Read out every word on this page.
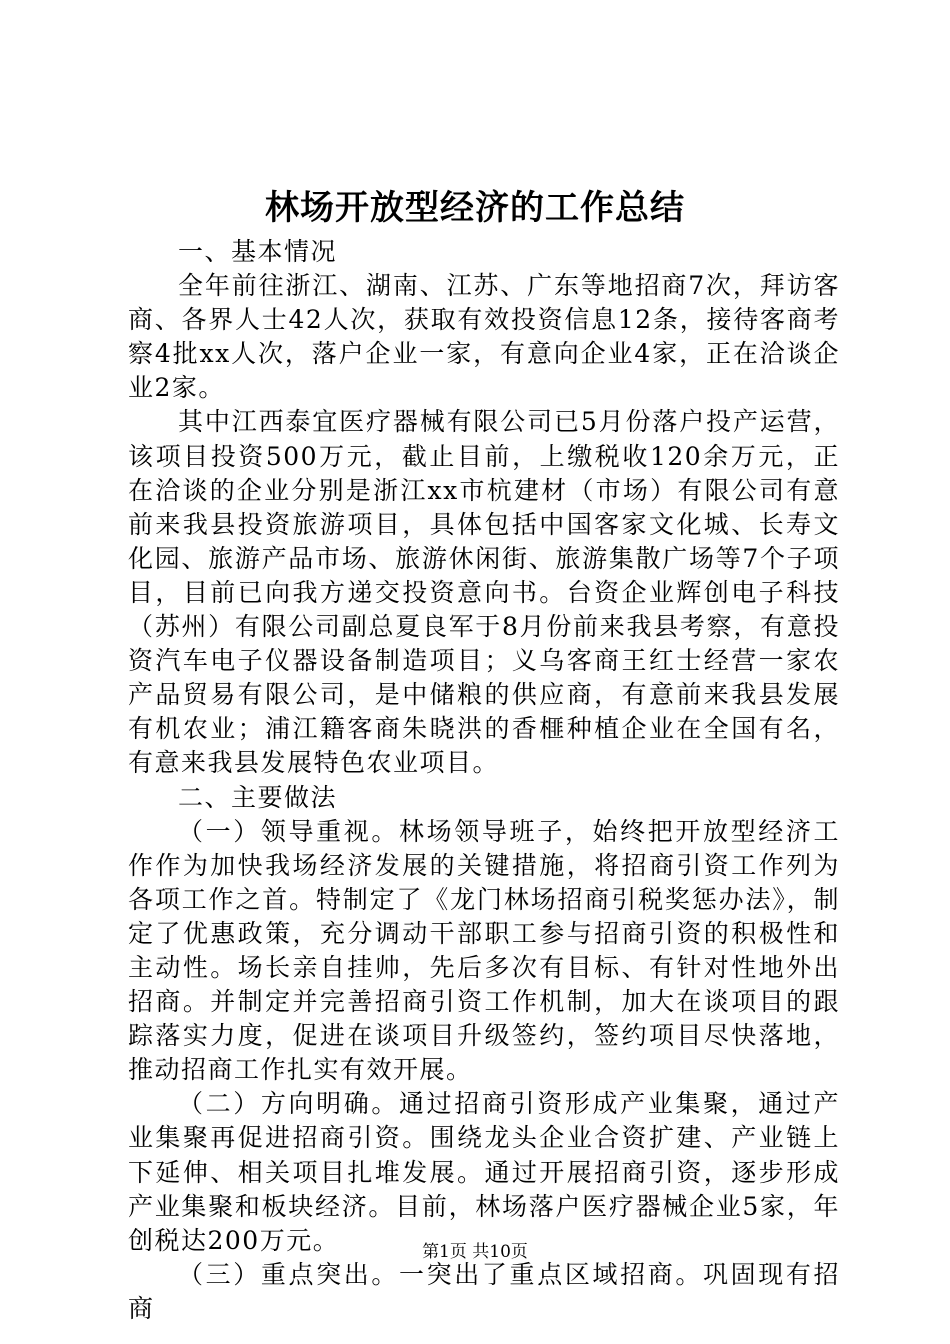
林场开放型经济的工作总结

一、基本情况

全年前往浙江、湖南、江苏、广东等地招商7次，拜访客商、各界人士42人次，获取有效投资信息12条，接待客商考察4批xx人次，落户企业一家，有意向企业4家，正在洽谈企业2家。

其中江西泰宜医疗器械有限公司已5月份落户投产运营，该项目投资500万元，截止目前，上缴税收120余万元，正在洽谈的企业分别是浙江xx市杭建材（市场）有限公司有意前来我县投资旅游项目，具体包括中国客家文化城、长寿文化园、旅游产品市场、旅游休闲街、旅游集散广场等7个子项目，目前已向我方递交投资意向书。台资企业辉创电子科技（苏州）有限公司副总夏良军于8月份前来我县考察，有意投资汽车电子仪器设备制造项目；义乌客商王红士经营一家农产品贸易有限公司，是中储粮的供应商，有意前来我县发展有机农业；浦江籍客商朱晓洪的香榧种植企业在全国有名，有意来我县发展特色农业项目。

二、主要做法

（一）领导重视。林场领导班子，始终把开放型经济工作作为加快我场经济发展的关键措施，将招商引资工作列为各项工作之首。特制定了《龙门林场招商引税奖惩办法》，制定了优惠政策，充分调动干部职工参与招商引资的积极性和主动性。场长亲自挂帅，先后多次有目标、有针对性地外出招商。并制定并完善招商引资工作机制，加大在谈项目的跟踪落实力度，促进在谈项目升级签约，签约项目尽快落地，推动招商工作扎实有效开展。

（二）方向明确。通过招商引资形成产业集聚，通过产业集聚再促进招商引资。围绕龙头企业合资扩建、产业链上下延伸、相关项目扎堆发展。通过开展招商引资，逐步形成产业集聚和板块经济。目前，林场落户医疗器械企业5家，年创税达200万元。

（三）重点突出。一突出了重点区域招商。巩固现有招商

第1页 共10页
